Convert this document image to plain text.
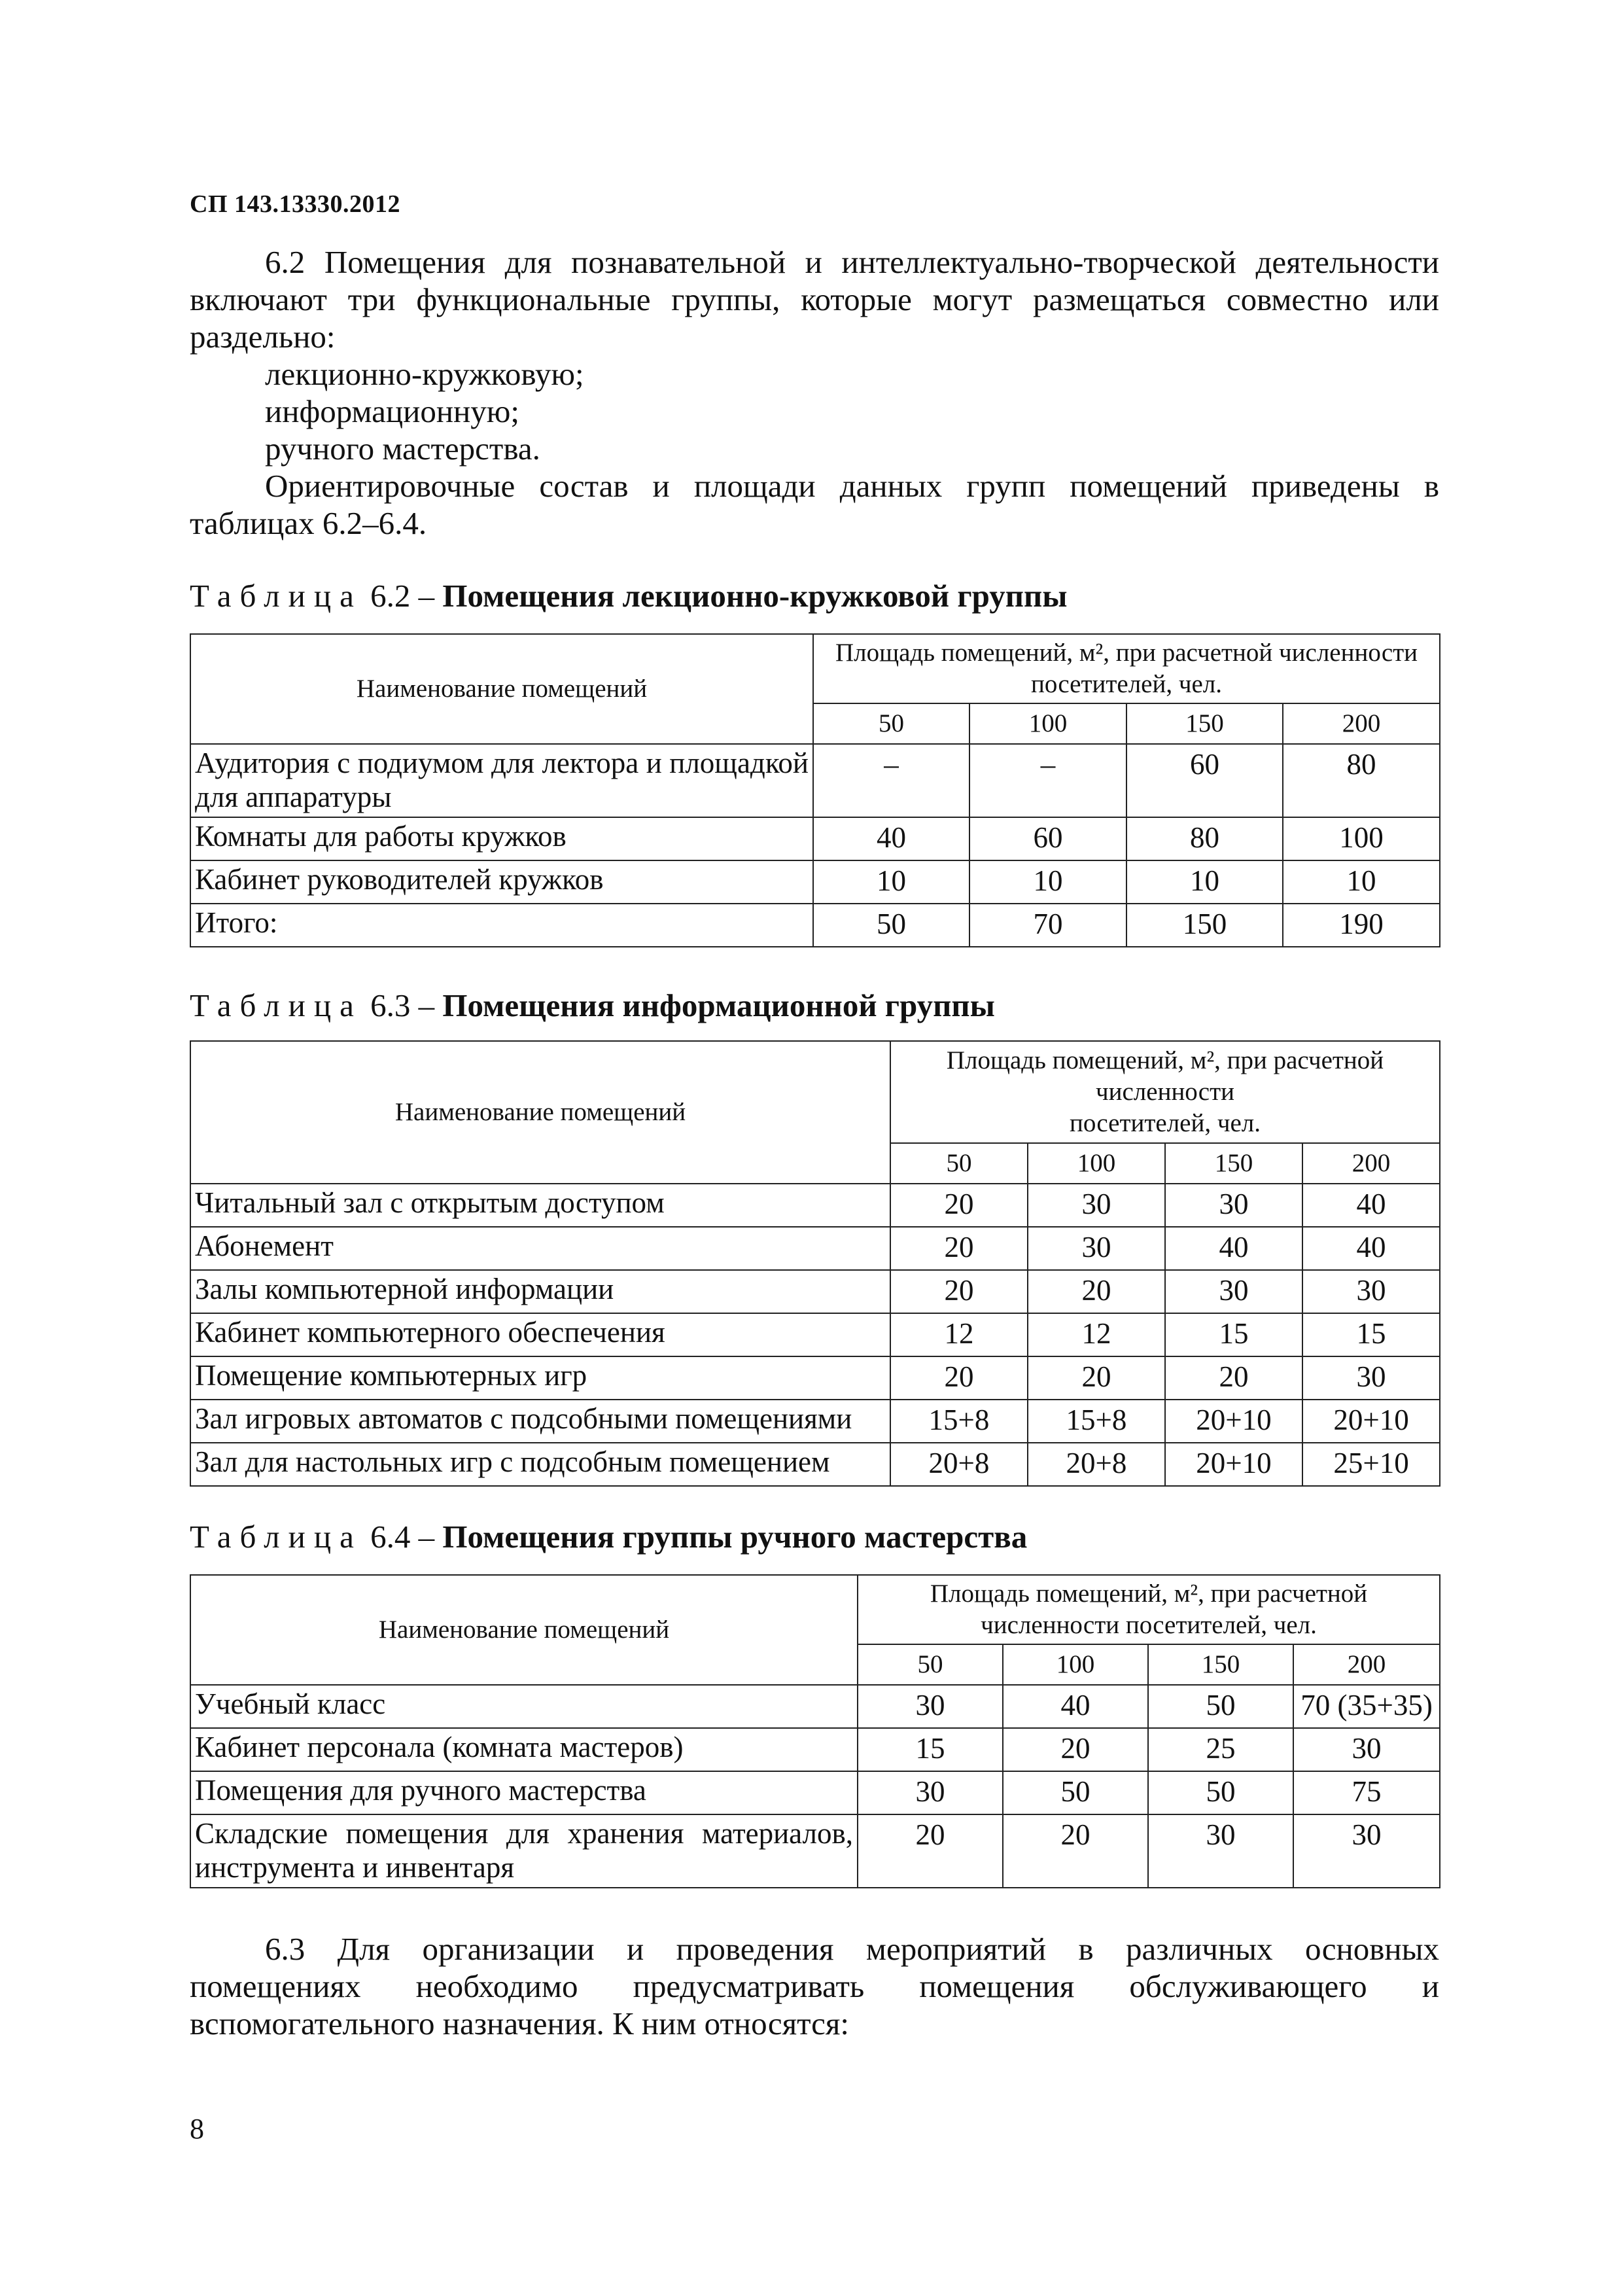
СП 143.13330.2012
6.2 Помещения для познавательной и интеллектуально-творческой деятельности
включают три функциональные группы, которые могут размещаться совместно или
раздельно:
лекционно-кружковую;
информационную;
ручного мастерства.
Ориентировочные состав и площади данных групп помещений приведены в
таблицах 6.2–6.4.
Таблица 6.2 – Помещения лекционно-кружковой группы
Наименование помещений	Площадь помещений, м², при расчетной численности посетителей, чел.			
	50	100	150	200

Аудитория с подиумом для лектора и площадкой для аппаратуры	–	–	60	80
Комнаты для работы кружков	40	60	80	100
Кабинет руководителей кружков	10	10	10	10
Итого:	50	70	150	190
Таблица 6.3 – Помещения информационной группы
Наименование помещений	Площадь помещений, м², при расчетной
численности
посетителей, чел.			

	50	100	150	200
Читальный зал с открытым доступом	20	30	30	40
Абонемент	20	30	40	40
Залы компьютерной информации	20	20	30	30
Кабинет компьютерного обеспечения	12	12	15	15
Помещение компьютерных игр	20	20	20	30
Зал игровых автоматов с подсобными помещениями	15+8	15+8	20+10	20+10
Зал для настольных игр с подсобным помещением	20+8	20+8	20+10	25+10
Таблица 6.4 – Помещения группы ручного мастерства
Наименование помещений	Площадь помещений, м², при расчетной численности посетителей, чел.			
	50	100	150	200
Учебный класс	30	40	50	70 (35+35)
Кабинет персонала (комната мастеров)	15	20	25	30
Помещения для ручного мастерства	30	50	50	75

Складские помещения для хранения материалов, инструмента и инвентаря	20	20	30	30
6.3 Для организации и проведения мероприятий в различных основных
помещениях необходимо предусматривать помещения обслуживающего и
вспомогательного назначения. К ним относятся:
8
